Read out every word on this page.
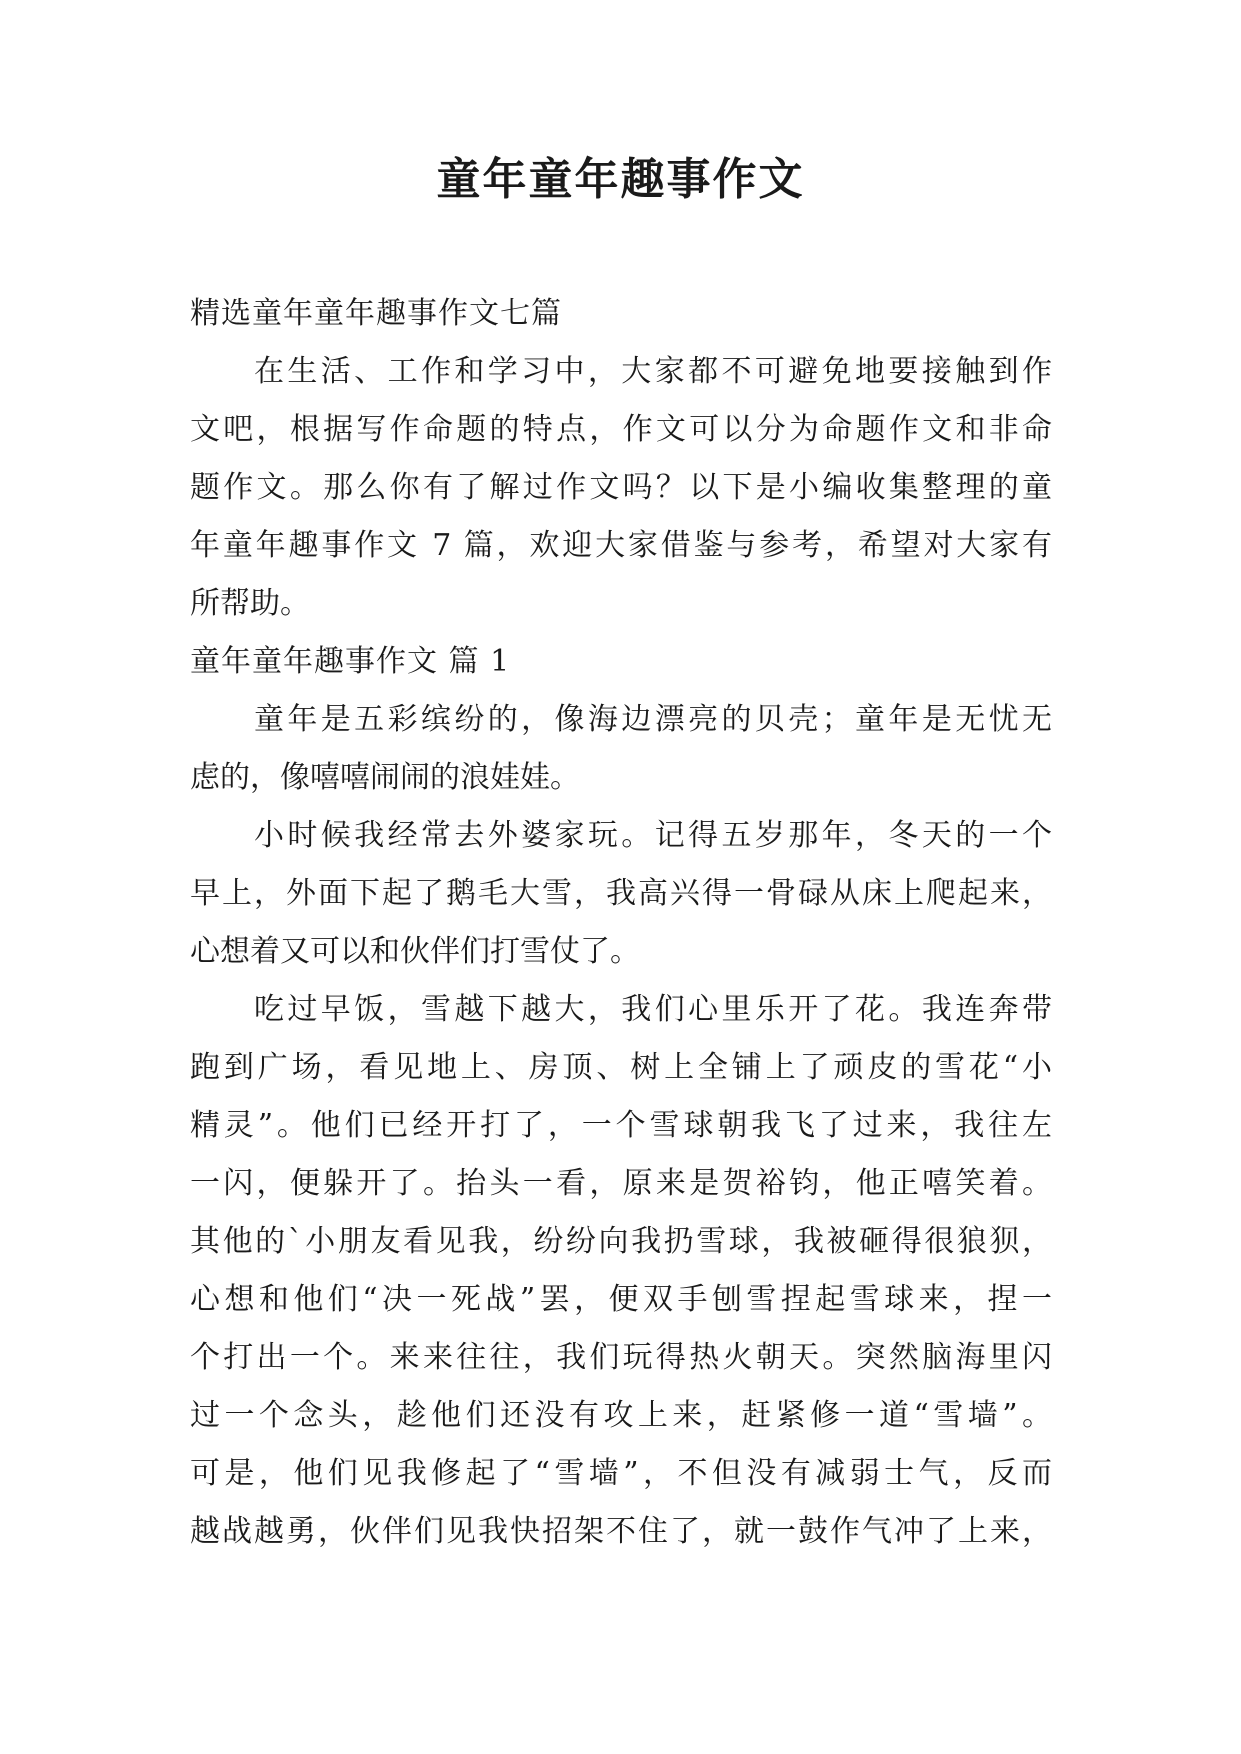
童年童年趣事作文
精选童年童年趣事作文七篇
在生活、工作和学习中，大家都不可避免地要接触到作
文吧，根据写作命题的特点，作文可以分为命题作文和非命
题作文。那么你有了解过作文吗？以下是小编收集整理的童
年童年趣事作文 7 篇，欢迎大家借鉴与参考，希望对大家有
所帮助。
童年童年趣事作文 篇 1
童年是五彩缤纷的，像海边漂亮的贝壳；童年是无忧无
虑的，像嘻嘻闹闹的浪娃娃。
小时候我经常去外婆家玩。记得五岁那年，冬天的一个
早上，外面下起了鹅毛大雪，我高兴得一骨碌从床上爬起来，
心想着又可以和伙伴们打雪仗了。
吃过早饭，雪越下越大，我们心里乐开了花。我连奔带
跑到广场，看见地上、房顶、树上全铺上了顽皮的雪花“小
精灵”。他们已经开打了，一个雪球朝我飞了过来，我往左
一闪，便躲开了。抬头一看，原来是贺裕钧，他正嘻笑着。
其他的`小朋友看见我，纷纷向我扔雪球，我被砸得很狼狈，
心想和他们“决一死战”罢，便双手刨雪捏起雪球来，捏一
个打出一个。来来往往，我们玩得热火朝天。突然脑海里闪
过一个念头，趁他们还没有攻上来，赶紧修一道“雪墙”。
可是，他们见我修起了“雪墙”，不但没有减弱士气，反而
越战越勇，伙伴们见我快招架不住了，就一鼓作气冲了上来，
